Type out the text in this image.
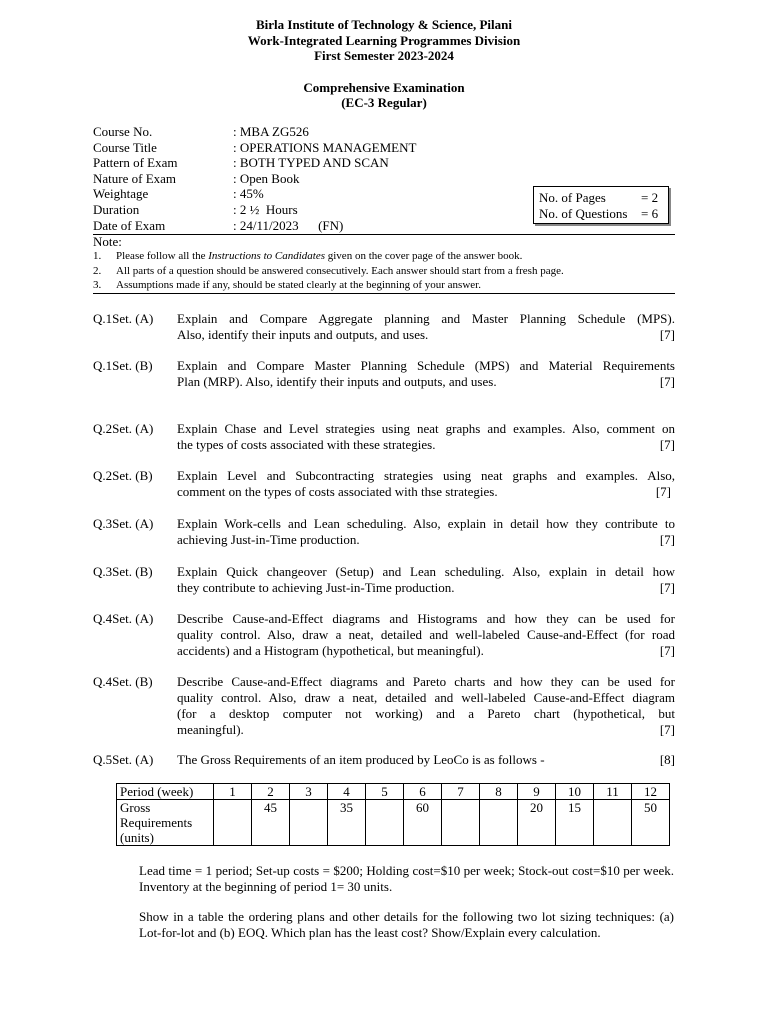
Birla Institute of Technology & Science, Pilani
Work-Integrated Learning Programmes Division
First Semester 2023-2024
Comprehensive Examination
(EC-3 Regular)
Course No.	: MBA ZG526
Course Title	: OPERATIONS MANAGEMENT
Pattern of Exam	: BOTH TYPED AND SCAN
Nature of Exam	: Open Book
Weightage	: 45%
Duration	: 2 ½  Hours
Date of Exam	: 24/11/2023      (FN)
No. of Pages	= 2
No. of Questions = 6
Note:
1. Please follow all the Instructions to Candidates given on the cover page of the answer book.
2. All parts of a question should be answered consecutively. Each answer should start from a fresh page.
3. Assumptions made if any, should be stated clearly at the beginning of your answer.
Q.1Set. (A) Explain and Compare Aggregate planning and Master Planning Schedule (MPS).
Also, identify their inputs and outputs, and uses.	[7]
Q.1Set. (B) Explain and Compare Master Planning Schedule (MPS) and Material Requirements
Plan (MRP). Also, identify their inputs and outputs, and uses.	[7]
Q.2Set. (A) Explain Chase and Level strategies using neat graphs and examples. Also, comment on
the types of costs associated with these strategies.	[7]
Q.2Set. (B) Explain Level and Subcontracting strategies using neat graphs and examples. Also,
comment on the types of costs associated with thse strategies.	[7]
Q.3Set. (A) Explain Work-cells and Lean scheduling. Also, explain in detail how they contribute to
achieving Just-in-Time production.	[7]
Q.3Set. (B) Explain Quick changeover (Setup) and Lean scheduling. Also, explain in detail how
they contribute to achieving Just-in-Time production.	[7]
Q.4Set. (A) Describe Cause-and-Effect diagrams and Histograms and how they can be used for
quality control. Also, draw a neat, detailed and well-labeled Cause-and-Effect (for road
accidents) and a Histogram (hypothetical, but meaningful).	[7]
Q.4Set. (B) Describe Cause-and-Effect diagrams and Pareto charts and how they can be used for
quality control. Also, draw a neat, detailed and well-labeled Cause-and-Effect diagram
(for a desktop computer not working) and a Pareto chart (hypothetical, but
meaningful).	[7]
Q.5Set. (A) The Gross Requirements of an item produced by LeoCo is as follows -	[8]
Period (week)	1	2	3	4	5	6	7	8	9	10	11	12

Gross
Requirements
(units)		45		35		60			20	15		50
Lead time = 1 period; Set-up costs = $200; Holding cost=$10 per week; Stock-out cost=$10 per week. Inventory at the beginning of period 1= 30 units.
Show in a table the ordering plans and other details for the following two lot sizing techniques: (a) Lot-for-lot and (b) EOQ. Which plan has the least cost? Show/Explain every calculation.
